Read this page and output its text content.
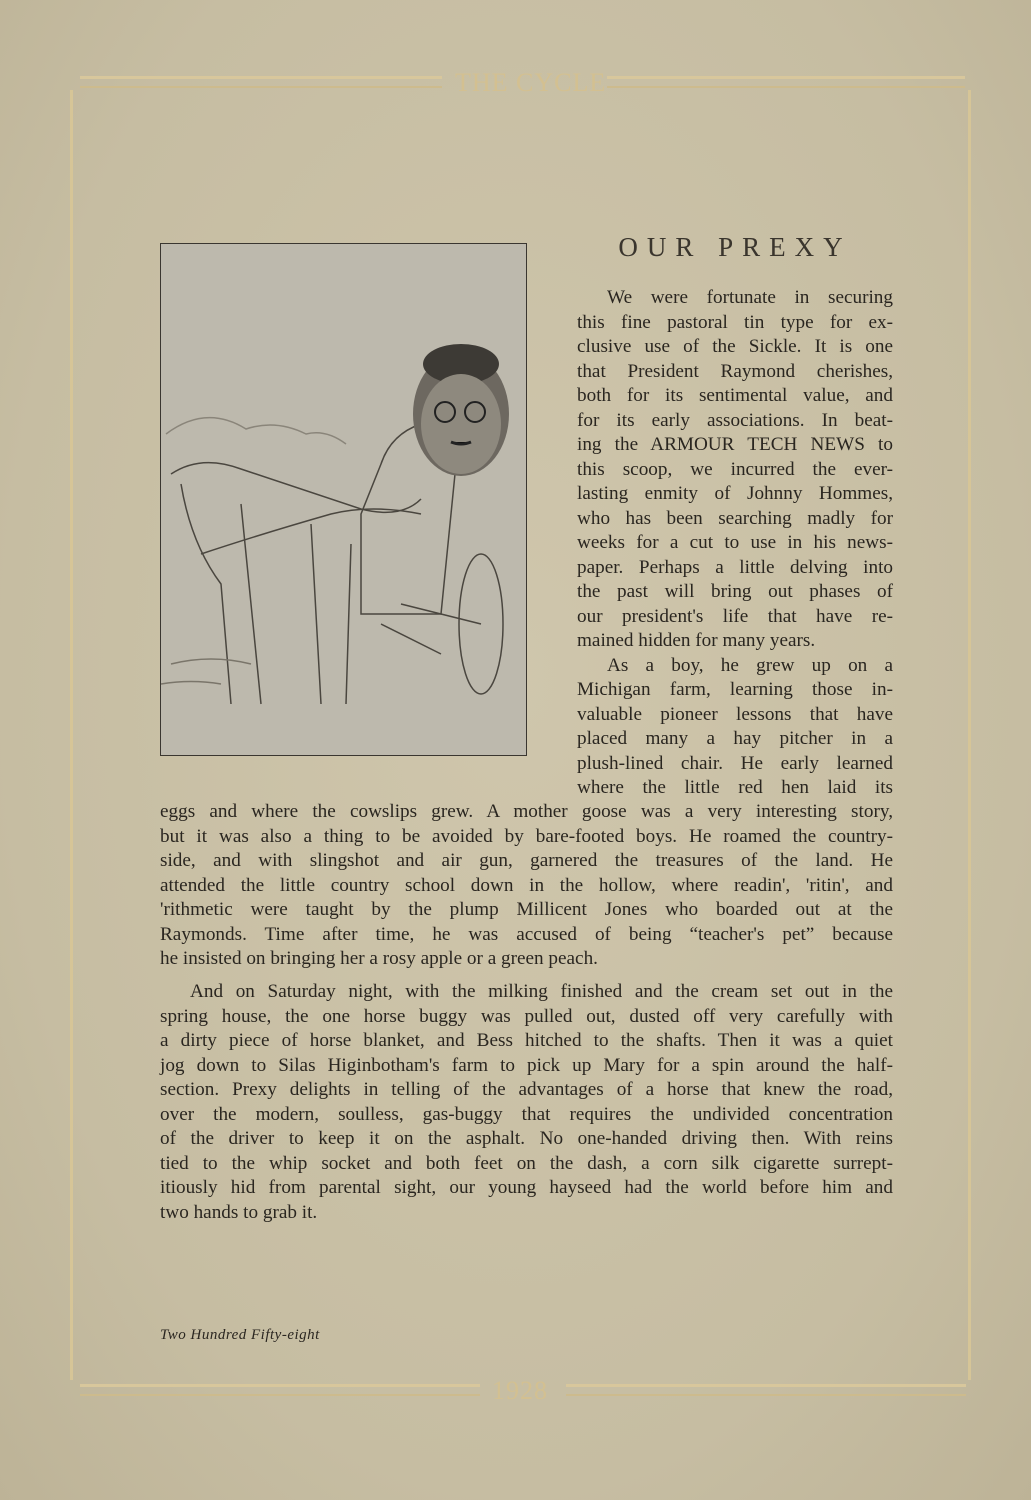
THE CYCLE
1928
OUR PREXY
We were fortunate in securing
this fine pastoral tin type for ex-
clusive use of the Sickle. It is one
that President Raymond cherishes,
both for its sentimental value, and
for its early associations. In beat-
ing the ARMOUR TECH NEWS to
this scoop, we incurred the ever-
lasting enmity of Johnny Hommes,
who has been searching madly for
weeks for a cut to use in his news-
paper. Perhaps a little delving into
the past will bring out phases of
our president's life that have re-
mained hidden for many years.
As a boy, he grew up on a
Michigan farm, learning those in-
valuable pioneer lessons that have
placed many a hay pitcher in a
plush-lined chair. He early learned
where the little red hen laid its
eggs and where the cowslips grew. A mother goose was a very interesting story,
but it was also a thing to be avoided by bare-footed boys. He roamed the country-
side, and with slingshot and air gun, garnered the treasures of the land. He
attended the little country school down in the hollow, where readin', 'ritin', and
'rithmetic were taught by the plump Millicent Jones who boarded out at the
Raymonds. Time after time, he was accused of being “teacher's pet” because
he insisted on bringing her a rosy apple or a green peach.
And on Saturday night, with the milking finished and the cream set out in the
spring house, the one horse buggy was pulled out, dusted off very carefully with
a dirty piece of horse blanket, and Bess hitched to the shafts. Then it was a quiet
jog down to Silas Higinbotham's farm to pick up Mary for a spin around the half-
section. Prexy delights in telling of the advantages of a horse that knew the road,
over the modern, soulless, gas-buggy that requires the undivided concentration
of the driver to keep it on the asphalt. No one-handed driving then. With reins
tied to the whip socket and both feet on the dash, a corn silk cigarette surrept-
itiously hid from parental sight, our young hayseed had the world before him and
two hands to grab it.
Two Hundred Fifty-eight
